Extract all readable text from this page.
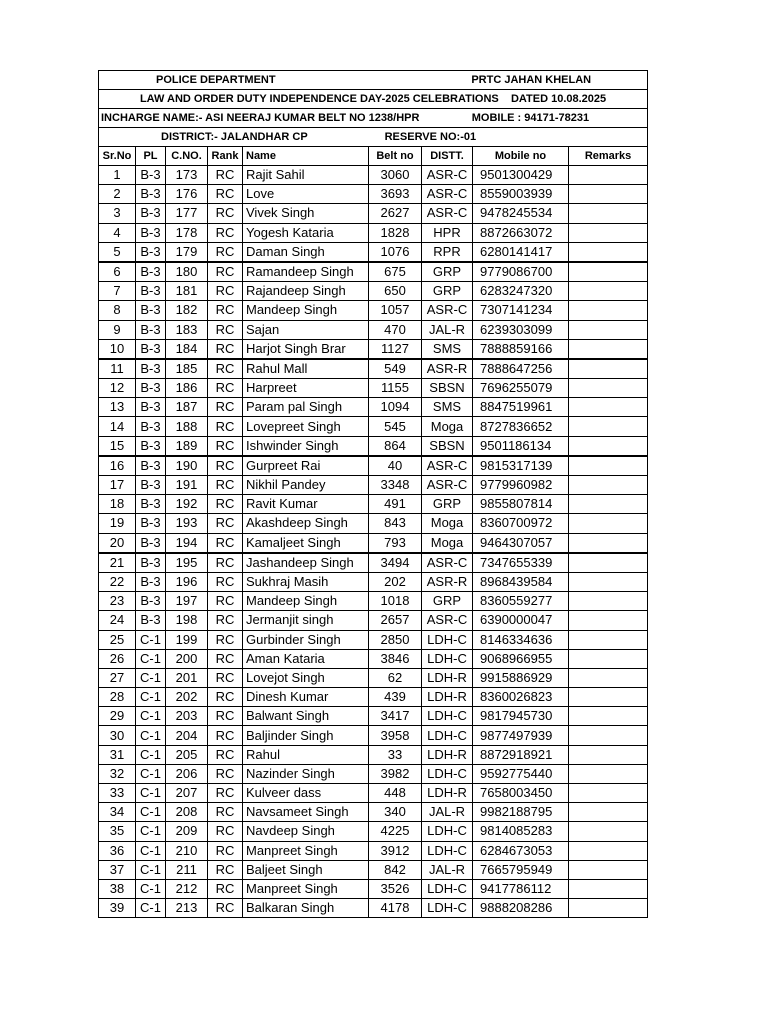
POLICE DEPARTMENT PRTC JAHAN KHELAN								

LAW AND ORDER DUTY INDEPENDENCE DAY-2025 CELEBRATIONS    DATED 10.08.2025								

INCHARGE NAME:- ASI NEERAJ KUMAR BELT NO 1238/HPR MOBILE : 94171-78231								

DISTRICT:- JALANDHAR CP RESERVE NO:-01								

Sr.No	PL	C.NO.	Rank	Name	Belt no	DISTT.	Mobile no	Remarks
1	B-3	173	RC	Rajit Sahil	3060	ASR-C	9501300429	
2	B-3	176	RC	Love	3693	ASR-C	8559003939	
3	B-3	177	RC	Vivek Singh	2627	ASR-C	9478245534	
4	B-3	178	RC	Yogesh Kataria	1828	HPR	8872663072	
5	B-3	179	RC	Daman Singh	1076	RPR	6280141417	
6	B-3	180	RC	Ramandeep Singh	675	GRP	9779086700	
7	B-3	181	RC	Rajandeep Singh	650	GRP	6283247320	
8	B-3	182	RC	Mandeep Singh	1057	ASR-C	7307141234	
9	B-3	183	RC	Sajan	470	JAL-R	6239303099	
10	B-3	184	RC	Harjot Singh Brar	1127	SMS	7888859166	
11	B-3	185	RC	Rahul Mall	549	ASR-R	7888647256	
12	B-3	186	RC	Harpreet	1155	SBSN	7696255079	
13	B-3	187	RC	Param pal Singh	1094	SMS	8847519961	
14	B-3	188	RC	Lovepreet Singh	545	Moga	8727836652	
15	B-3	189	RC	Ishwinder Singh	864	SBSN	9501186134	
16	B-3	190	RC	Gurpreet Rai	40	ASR-C	9815317139	
17	B-3	191	RC	Nikhil Pandey	3348	ASR-C	9779960982	
18	B-3	192	RC	Ravit Kumar	491	GRP	9855807814	
19	B-3	193	RC	Akashdeep Singh	843	Moga	8360700972	
20	B-3	194	RC	Kamaljeet Singh	793	Moga	9464307057	
21	B-3	195	RC	Jashandeep Singh	3494	ASR-C	7347655339	
22	B-3	196	RC	Sukhraj Masih	202	ASR-R	8968439584	
23	B-3	197	RC	Mandeep Singh	1018	GRP	8360559277	
24	B-3	198	RC	Jermanjit singh	2657	ASR-C	6390000047	
25	C-1	199	RC	Gurbinder Singh	2850	LDH-C	8146334636	
26	C-1	200	RC	Aman Kataria	3846	LDH-C	9068966955	
27	C-1	201	RC	Lovejot Singh	62	LDH-R	9915886929	
28	C-1	202	RC	Dinesh Kumar	439	LDH-R	8360026823	
29	C-1	203	RC	Balwant Singh	3417	LDH-C	9817945730	
30	C-1	204	RC	Baljinder Singh	3958	LDH-C	9877497939	
31	C-1	205	RC	Rahul	33	LDH-R	8872918921	
32	C-1	206	RC	Nazinder Singh	3982	LDH-C	9592775440	
33	C-1	207	RC	Kulveer dass	448	LDH-R	7658003450	
34	C-1	208	RC	Navsameet Singh	340	JAL-R	9982188795	
35	C-1	209	RC	Navdeep Singh	4225	LDH-C	9814085283	
36	C-1	210	RC	Manpreet Singh	3912	LDH-C	6284673053	
37	C-1	211	RC	Baljeet Singh	842	JAL-R	7665795949	
38	C-1	212	RC	Manpreet Singh	3526	LDH-C	9417786112	
39	C-1	213	RC	Balkaran Singh	4178	LDH-C	9888208286	
